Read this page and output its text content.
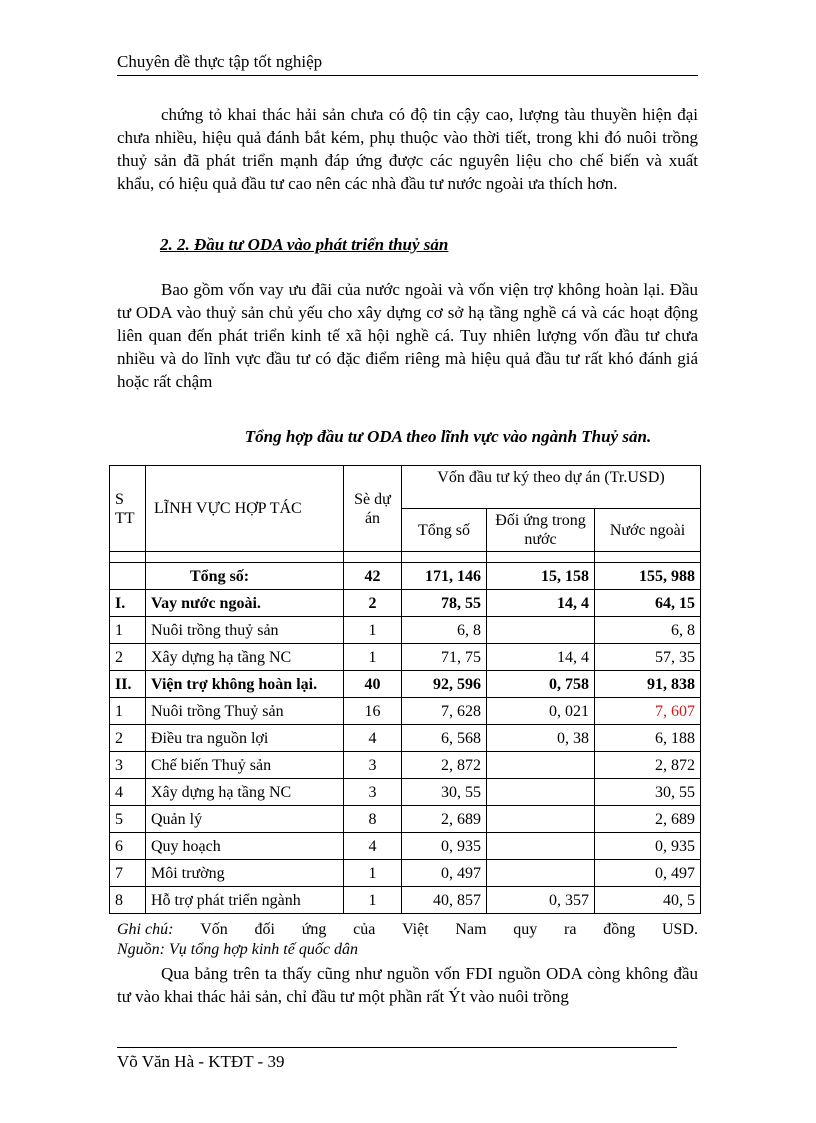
Chuyên đề thực tập tốt nghiệp

chứng tỏ khai thác hải sản chưa có độ tin cậy cao, lượng tàu thuyền hiện đại chưa nhiều, hiệu quả đánh bắt kém, phụ thuộc vào thời tiết, trong khi đó nuôi trồng thuỷ sản đã phát triển mạnh đáp ứng được các nguyên liệu cho chế biến và xuất khẩu, có hiệu quả đầu tư cao nên các nhà đầu tư nước ngoài ưa thích hơn.

2. 2. Đầu tư ODA vào phát triển thuỷ sản

Bao gồm vốn vay ưu đãi của nước ngoài và vốn viện trợ không hoàn lại. Đầu tư ODA vào thuỷ sản chủ yếu cho xây dựng cơ sở hạ tầng nghề cá và các hoạt động liên quan đến phát triển kinh tế xã hội nghề cá. Tuy nhiên lượng vốn đầu tư chưa nhiều và do lĩnh vực đầu tư có đặc điểm riêng mà hiệu quả đầu tư rất khó đánh giá hoặc rất chậm

Tổng hợp đầu tư ODA theo lĩnh vực vào ngành Thuỷ sản.

S TT	LĨNH VỰC HỢP TÁC	Sè dự án	Vốn đầu tư ký theo dự án (Tr.USD)		
			Tổng số	Đối ứng trong nước	Nước ngoài

	Tổng số:	42	171, 146	15, 158	155, 988
I.	Vay nước ngoài.	2	78, 55	14, 4	64, 15
1	Nuôi trồng thuỷ sản	1	6, 8		6, 8
2	Xây dựng hạ tầng NC	1	71, 75	14, 4	57, 35
II.	Viện trợ không hoàn lại.	40	92, 596	0, 758	91, 838
1	Nuôi trồng Thuỷ sản	16	7, 628	0, 021	7, 607
2	Điều tra nguồn lợi	4	6, 568	0, 38	6, 188
3	Chế biến Thuỷ sản	3	2, 872		2, 872
4	Xây dựng hạ tầng NC	3	30, 55		30, 55
5	Quản lý	8	2, 689		2, 689
6	Quy hoạch	4	0, 935		0, 935
7	Môi trường	1	0, 497		0, 497
8	Hỗ trợ phát triển ngành	1	40, 857	0, 357	40, 5
Ghi chú: Vốn đối ứng của Việt Nam quy ra đồng USD.
Nguồn: Vụ tổng hợp kinh tế quốc dân

Qua bảng trên ta thấy cũng như nguồn vốn FDI nguồn ODA còng không đầu tư vào khai thác hải sản, chỉ đầu tư một phần rất Ýt vào nuôi trồng

Võ Văn Hà - KTĐT - 39
